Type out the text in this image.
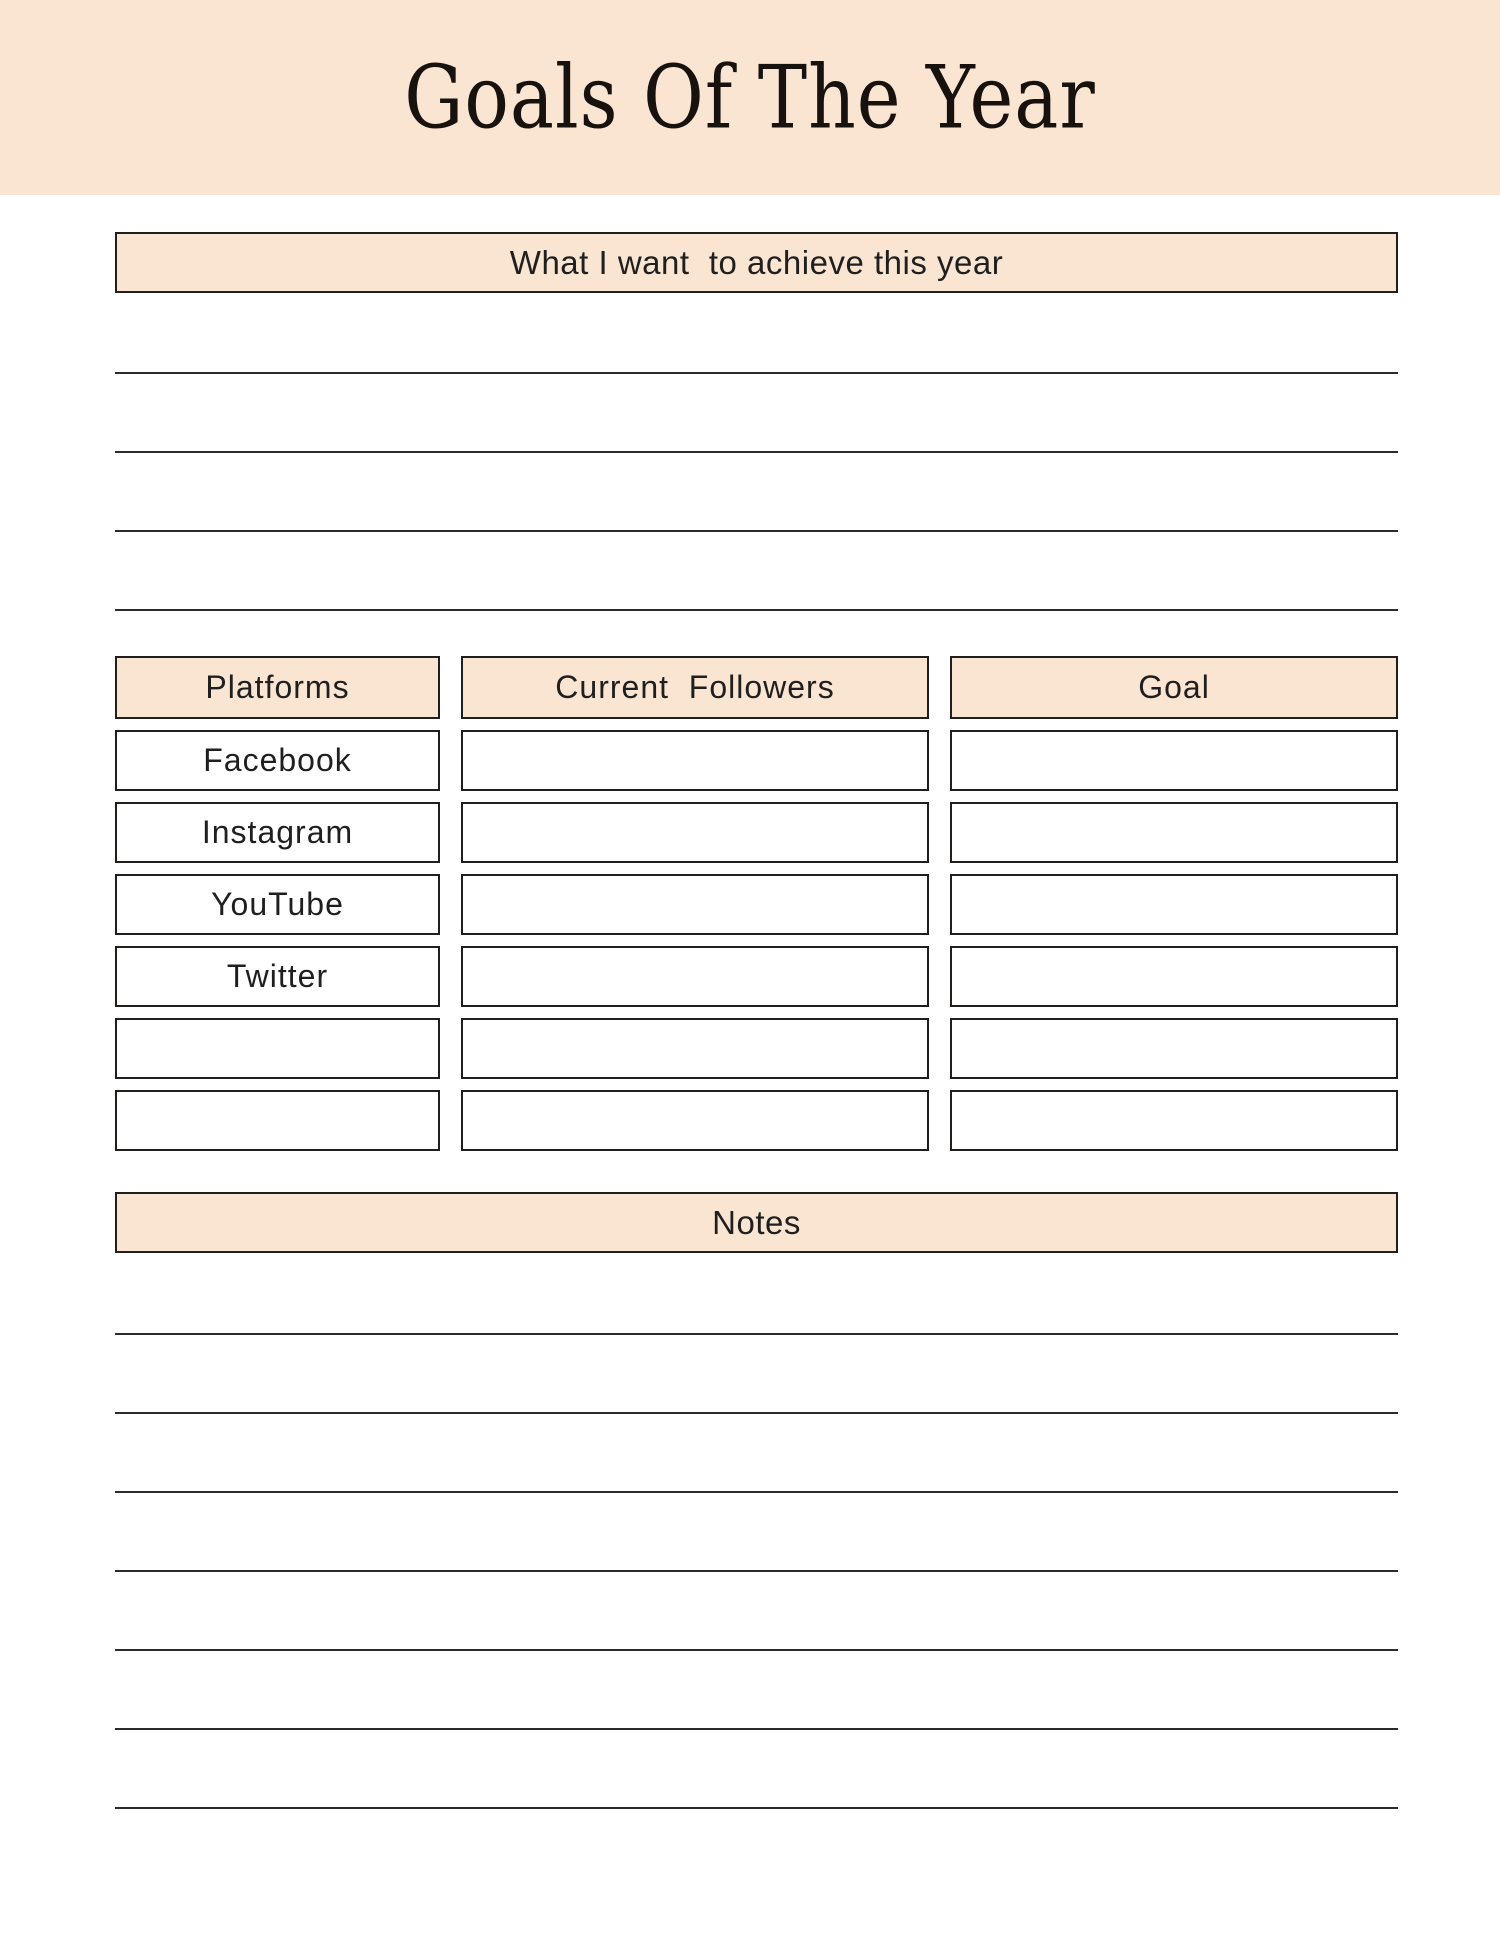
Goals Of The Year
What I want  to achieve this year
Platforms	Current  Followers	Goal
Facebook
Instagram
YouTube
Twitter
Notes
